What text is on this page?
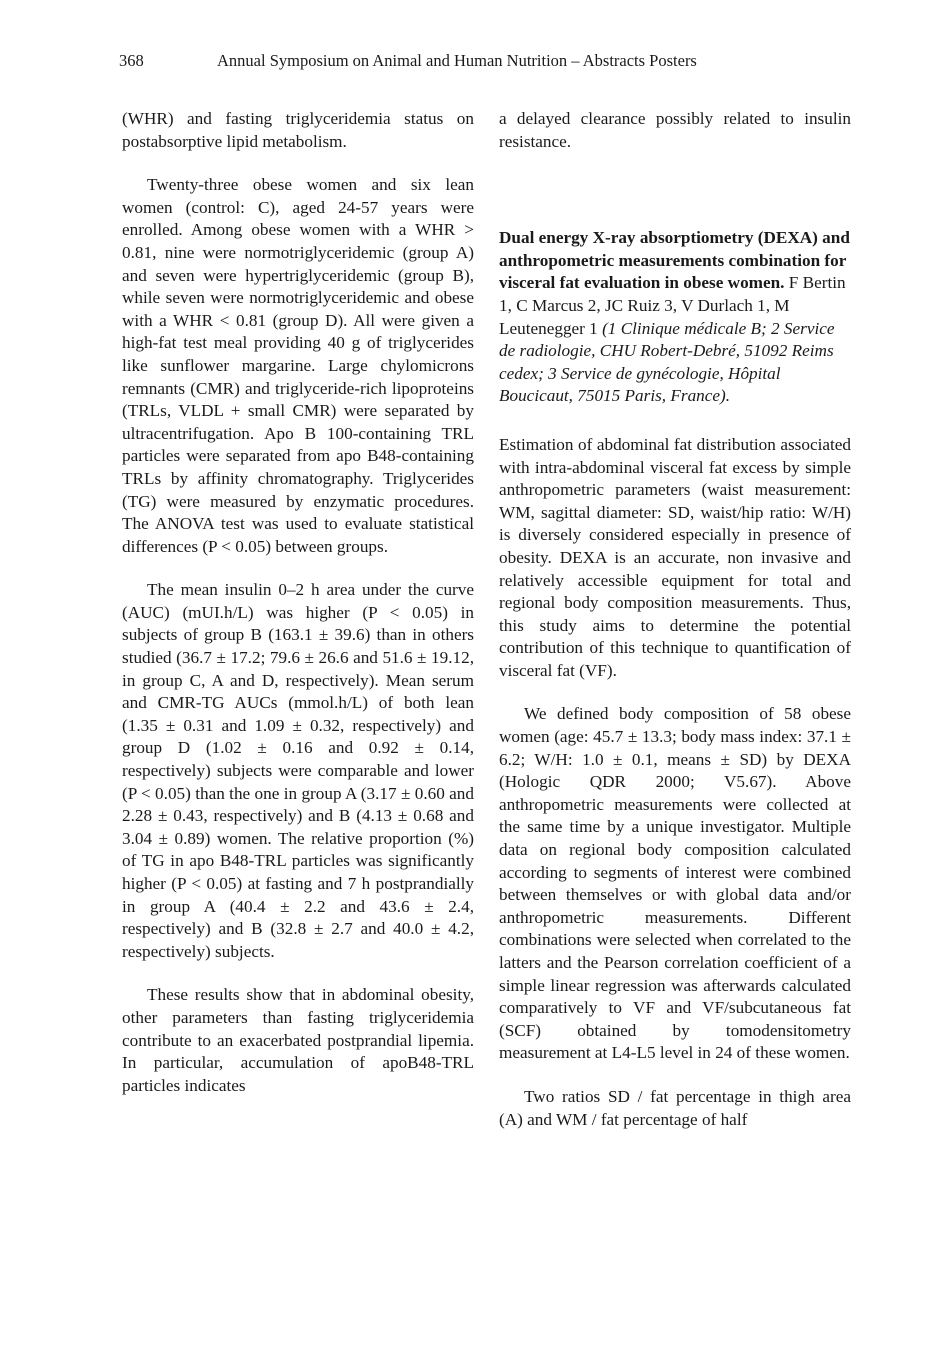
368	Annual Symposium on Animal and Human Nutrition – Abstracts Posters

(WHR) and fasting triglyceridemia status on postabsorptive lipid metabolism.

Twenty-three obese women and six lean women (control: C), aged 24-57 years were enrolled. Among obese women with a WHR > 0.81, nine were normotriglyceridemic (group A) and seven were hypertriglyceridemic (group B), while seven were normotriglyceridemic and obese with a WHR < 0.81 (group D). All were given a high-fat test meal providing 40 g of triglycerides like sunflower margarine. Large chylomicrons remnants (CMR) and triglyceride-rich lipoproteins (TRLs, VLDL + small CMR) were separated by ultracentrifugation. Apo B 100-containing TRL particles were separated from apo B48-containing TRLs by affinity chromatography. Triglycerides (TG) were measured by enzymatic procedures. The ANOVA test was used to evaluate statistical differences (P < 0.05) between groups.

The mean insulin 0–2 h area under the curve (AUC) (mUI.h/L) was higher (P < 0.05) in subjects of group B (163.1 ± 39.6) than in others studied (36.7 ± 17.2; 79.6 ± 26.6 and 51.6 ± 19.12, in group C, A and D, respectively). Mean serum and CMR-TG AUCs (mmol.h/L) of both lean (1.35 ± 0.31 and 1.09 ± 0.32, respectively) and group D (1.02 ± 0.16 and 0.92 ± 0.14, respectively) subjects were comparable and lower (P < 0.05) than the one in group A (3.17 ± 0.60 and 2.28 ± 0.43, respectively) and B (4.13 ± 0.68 and 3.04 ± 0.89) women. The relative proportion (%) of TG in apo B48-TRL particles was significantly higher (P < 0.05) at fasting and 7 h postprandially in group A (40.4 ± 2.2 and 43.6 ± 2.4, respectively) and B (32.8 ± 2.7 and 40.0 ± 4.2, respectively) subjects.

These results show that in abdominal obesity, other parameters than fasting triglyceridemia contribute to an exacerbated postprandial lipemia. In particular, accumulation of apoB48-TRL particles indicates

a delayed clearance possibly related to insulin resistance.

Dual energy X-ray absorptiometry (DEXA) and anthropometric measurements combination for visceral fat evaluation in obese women. F Bertin 1, C Marcus 2, JC Ruiz 3, V Durlach 1, M Leutenegger 1 (1 Clinique médicale B; 2 Service de radiologie, CHU Robert-Debré, 51092 Reims cedex; 3 Service de gynécologie, Hôpital Boucicaut, 75015 Paris, France).

Estimation of abdominal fat distribution associated with intra-abdominal visceral fat excess by simple anthropometric parameters (waist measurement: WM, sagittal diameter: SD, waist/hip ratio: W/H) is diversely considered especially in presence of obesity. DEXA is an accurate, non invasive and relatively accessible equipment for total and regional body composition measurements. Thus, this study aims to determine the potential contribution of this technique to quantification of visceral fat (VF).

We defined body composition of 58 obese women (age: 45.7 ± 13.3; body mass index: 37.1 ± 6.2; W/H: 1.0 ± 0.1, means ± SD) by DEXA (Hologic QDR 2000; V5.67). Above anthropometric measurements were collected at the same time by a unique investigator. Multiple data on regional body composition calculated according to segments of interest were combined between themselves or with global data and/or anthropometric measurements. Different combinations were selected when correlated to the latters and the Pearson correlation coefficient of a simple linear regression was afterwards calculated comparatively to VF and VF/subcutaneous fat (SCF) obtained by tomodensitometry measurement at L4-L5 level in 24 of these women.

Two ratios SD / fat percentage in thigh area (A) and WM / fat percentage of half
